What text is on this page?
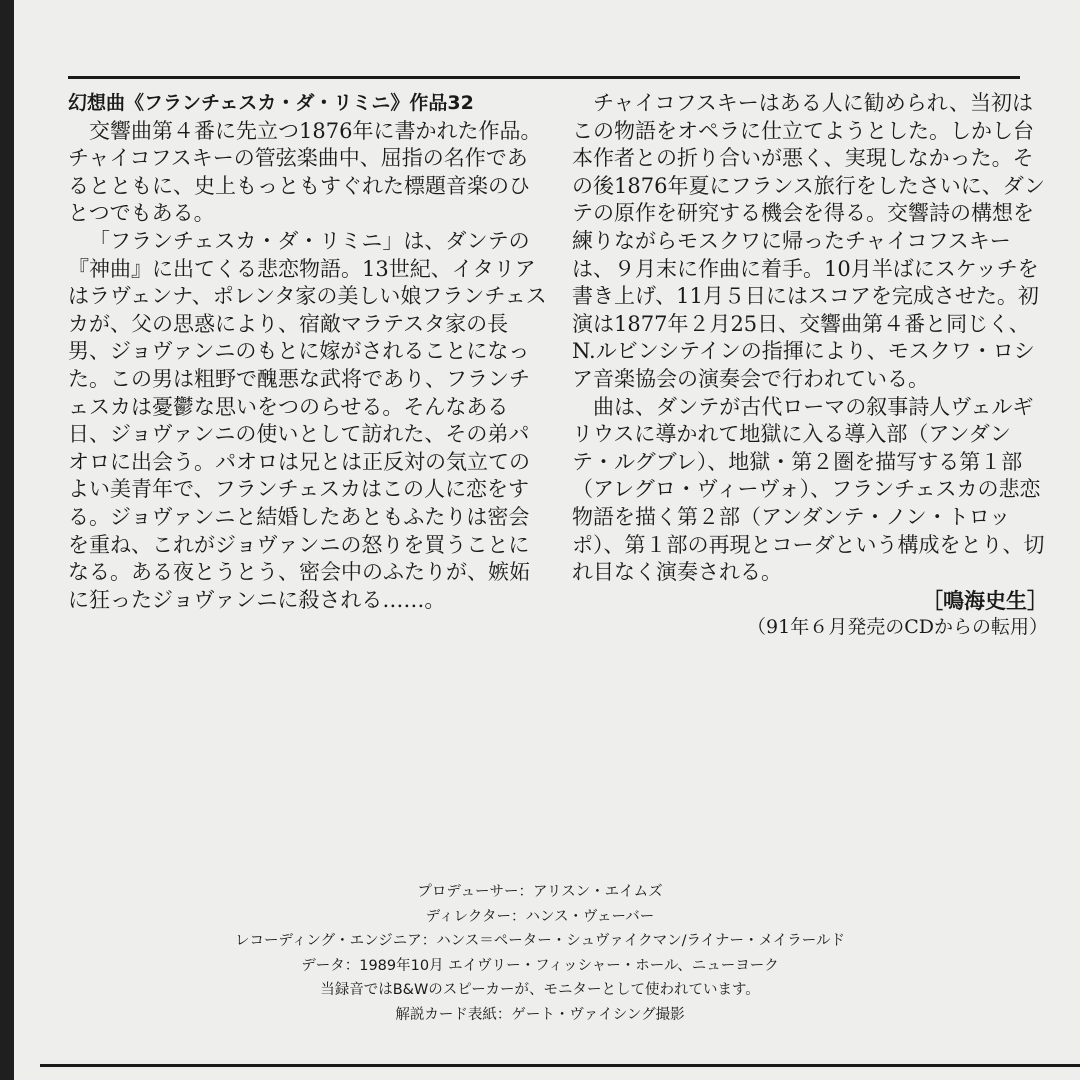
幻想曲《フランチェスカ・ダ・リミニ》作品32

交響曲第４番に先立つ1876年に書かれた作品。チャイコフスキーの管弦楽曲中、屈指の名作であるとともに、史上もっともすぐれた標題音楽のひとつでもある。

「フランチェスカ・ダ・リミニ」は、ダンテの『神曲』に出てくる悲恋物語。13世紀、イタリアはラヴェンナ、ポレンタ家の美しい娘フランチェスカが、父の思惑により、宿敵マラテスタ家の長男、ジョヴァンニのもとに嫁がされることになった。この男は粗野で醜悪な武将であり、フランチェスカは憂鬱な思いをつのらせる。そんなある日、ジョヴァンニの使いとして訪れた、その弟パオロに出会う。パオロは兄とは正反対の気立てのよい美青年で、フランチェスカはこの人に恋をする。ジョヴァンニと結婚したあともふたりは密会を重ね、これがジョヴァンニの怒りを買うことになる。ある夜とうとう、密会中のふたりが、嫉妬に狂ったジョヴァンニに殺される……。

チャイコフスキーはある人に勧められ、当初はこの物語をオペラに仕立てようとした。しかし台本作者との折り合いが悪く、実現しなかった。その後1876年夏にフランス旅行をしたさいに、ダンテの原作を研究する機会を得る。交響詩の構想を練りながらモスクワに帰ったチャイコフスキーは、９月末に作曲に着手。10月半ばにスケッチを書き上げ、11月５日にはスコアを完成させた。初演は1877年２月25日、交響曲第４番と同じく、N.ルビンシテインの指揮により、モスクワ・ロシア音楽協会の演奏会で行われている。

曲は、ダンテが古代ローマの叙事詩人ヴェルギリウスに導かれて地獄に入る導入部（アンダンテ・ルグブレ）、地獄・第２圏を描写する第１部（アレグロ・ヴィーヴォ）、フランチェスカの悲恋物語を描く第２部（アンダンテ・ノン・トロッポ）、第１部の再現とコーダという構成をとり、切れ目なく演奏される。

［鳴海史生］

（91年６月発売のCDからの転用）

プロデューサー：アリスン・エイムズ
ディレクター：ハンス・ヴェーバー
レコーディング・エンジニア：ハンス＝ペーター・シュヴァイクマン/ライナー・メイラールド
データ：1989年10月 エイヴリー・フィッシャー・ホール、ニューヨーク
当録音ではB&Wのスピーカーが、モニターとして使われています。
解説カード表紙：ゲート・ヴァイシング撮影
